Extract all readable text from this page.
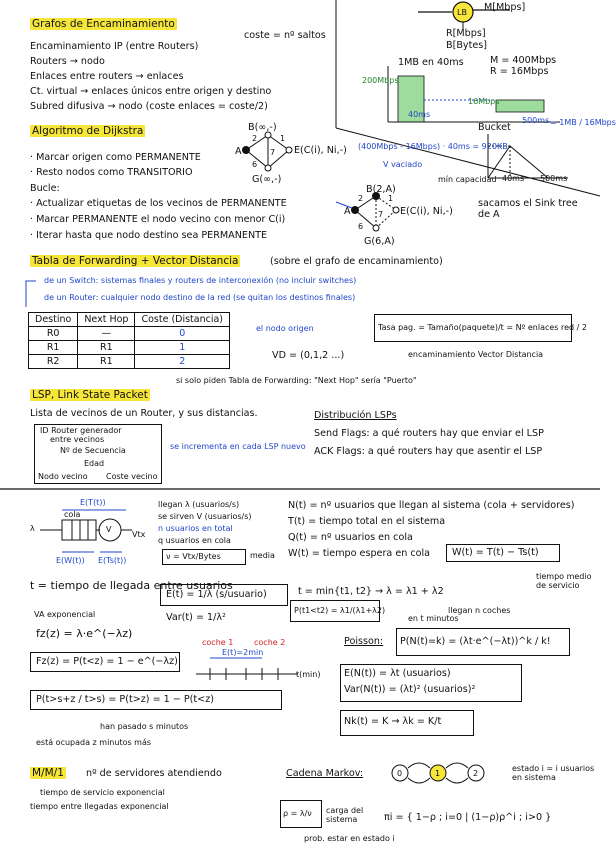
Grafos de Encaminamiento
coste = nº saltos
Encaminamiento IP (entre Routers)
Routers → nodo
Enlaces entre routers → enlaces
Ct. virtual → enlaces únicos entre origen y destino
Subred difusiva → nodo (coste enlaces = coste/2)
LB M[Mbps]
R[Mbps]
B[Bytes]
M = 400Mbps
R = 16Mbps
1MB en 40ms
200Mbps
40ms
16Mbps
500ms = 1MB / 16Mbps
Bucket
(400Mbps - 16Mbps) · 40ms = 920KB
V vaciado
mín capacidad 40ms 500ms
Algoritmo de Dijkstra
· Marcar origen como PERMANENTE
· Resto nodos como TRANSITORIO
Bucle:
· Actualizar etiquetas de los vecinos de PERMANENTE
· Marcar PERMANENTE el nodo vecino con menor C(i)
· Iterar hasta que nodo destino sea PERMANENTE
A
B(∞,-)
E(C(i), Ni,-)
G(∞,-)
2	1
6
7
A
B(2,A)
E(C(i), Ni,-)
G(6,A)
2	1
6
7
sacamos el Sink tree de A
Tabla de Forwarding + Vector Distancia	(sobre el grafo de encaminamiento)
de un Switch: sistemas finales y routers de interconexión (no incluir switches)
de un Router: cualquier nodo destino de la red (se quitan los destinos finales)
Destino	Next Hop	Coste (Distancia)
R0	—	0
R1	R1	1
R2	R1	2
el nodo origen
VD = (0,1,2 ...)
Tasa pag. = Tamaño(paquete)/t = Nº enlaces red / 2
encaminamiento Vector Distancia
si solo piden Tabla de Forwarding: "Next Hop" sería "Puerto"
LSP, Link State Packet
Lista de vecinos de un Router, y sus distancias.
ID Router generador
entre vecinos
Nº de Secuencia
Edad
Nodo vecino Coste vecino
se incrementa en cada LSP nuevo
Distribución LSPs
Send Flags: a qué routers hay que enviar el LSP
ACK Flags: a qué routers hay que asentir el LSP
E(T(t))
λ
cola
V
Vtx
E(W(t)) E(Ts(t))
llegan λ (usuarios/s)
se sirven V (usuarios/s)
n usuarios en total
q usuarios en cola
ν = Vtx/Bytes	media
N(t) = nº usuarios que llegan al sistema (cola + servidores)
T(t) = tiempo total en el sistema
Q(t) = nº usuarios en cola
W(t) = tiempo espera en cola W(t) = T(t) − Ts(t)
tiempo medio de servicio
t = tiempo de llegada entre usuarios
VA exponencial
fz(z) = λ·e^(−λz)
Fz(z) = P(t<z) = 1 − e^(−λz)
P(t>s+z / t>s) = P(t>z) = 1 − P(t<z)
han pasado s minutos
está ocupada z minutos más
E(t) = 1/λ (s/usuario)
Var(t) = 1/λ²
t = min{t1, t2} → λ = λ1 + λ2
P(t1<t2) = λ1/(λ1+λ2)
coche 1	coche 2
E(t)=2min
t(min)
Poisson:
llegan n coches
en t minutos
P(N(t)=k) = (λt·e^(−λt))^k / k!
E(N(t)) = λt (usuarios)
Var(N(t)) = (λt)² (usuarios)²
Nk(t) = K → λk = K/t
M/M/1 nº de servidores atendiendo
tiempo de servicio exponencial
tiempo entre llegadas exponencial
Cadena Markov:	0	1	2
estado i = i usuarios en sistema
ρ = λ/ν carga del sistema	πi = { 1−ρ ; i=0 | (1−ρ)ρ^i ; i>0 }
prob. estar en estado i
